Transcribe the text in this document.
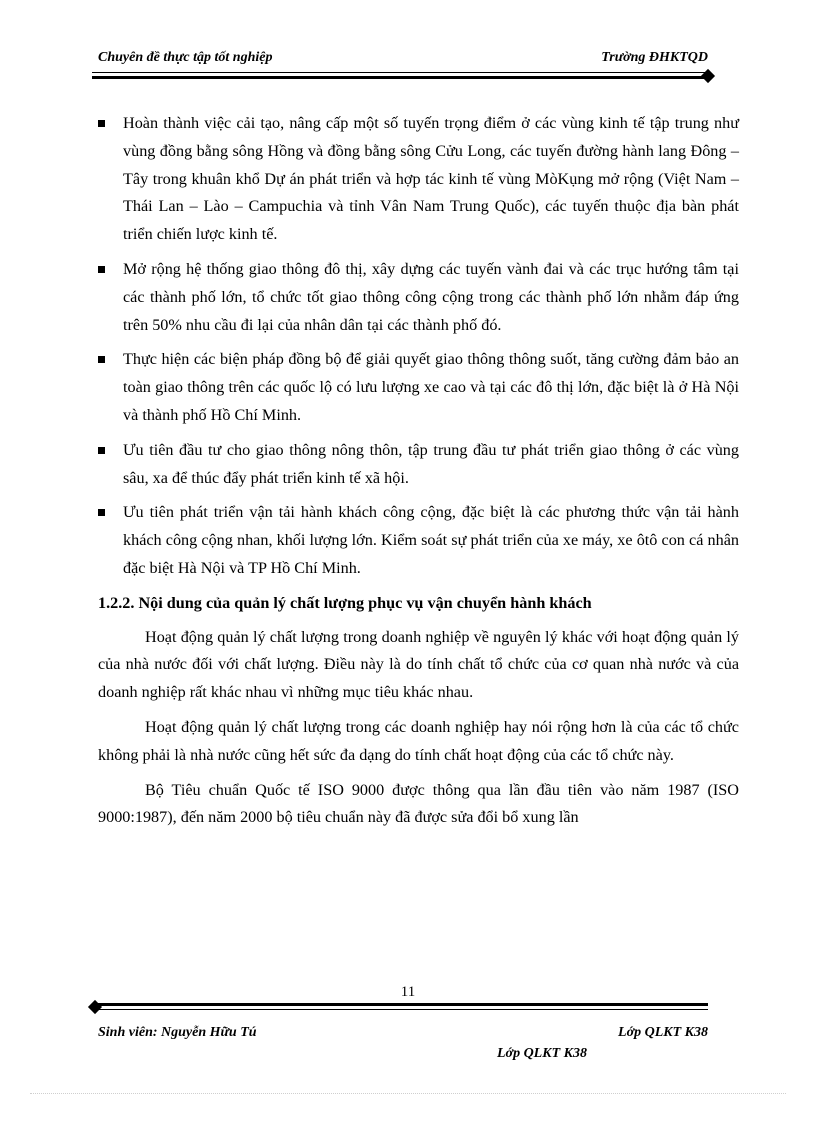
Chuyên đề thực tập tốt nghiệp	Trường ĐHKTQD
Hoàn thành việc cải tạo, nâng cấp một số tuyến trọng điểm ở các vùng kinh tế tập trung như vùng đồng bằng sông Hồng và đồng bằng sông Cửu Long, các tuyến đường hành lang Đông – Tây trong khuân khổ Dự án phát triển và hợp tác kinh tế vùng MòKụng mở rộng (Việt Nam – Thái Lan – Lào – Campuchia và tỉnh Vân Nam Trung Quốc), các tuyến thuộc địa bàn phát triển chiến lược kinh tế.
Mở rộng hệ thống giao thông đô thị, xây dựng các tuyến vành đai và các trục hướng tâm tại các thành phố lớn, tổ chức tốt giao thông công cộng trong các thành phố lớn nhằm đáp ứng trên 50% nhu cầu đi lại của nhân dân tại các thành phố đó.
Thực hiện các biện pháp đồng bộ để giải quyết giao thông thông suốt, tăng cường đảm bảo an toàn giao thông trên các quốc lộ có lưu lượng xe cao và tại các đô thị lớn, đặc biệt là ở Hà Nội và thành phố Hồ Chí Minh.
Ưu tiên đầu tư cho giao thông nông thôn, tập trung đầu tư phát triển giao thông ở các vùng sâu, xa để thúc đẩy phát triển kinh tế xã hội.
Ưu tiên phát triển vận tải hành khách công cộng, đặc biệt là các phương thức vận tải hành khách công cộng nhan, khối lượng lớn. Kiểm soát sự phát triển của xe máy, xe ôtô con cá nhân đặc biệt Hà Nội và TP Hồ Chí Minh.
1.2.2. Nội dung của quản lý chất lượng phục vụ vận chuyển hành khách

Hoạt động quản lý chất lượng trong doanh nghiệp về nguyên lý khác với hoạt động quản lý của nhà nước đối với chất lượng. Điều này là do tính chất tổ chức của cơ quan nhà nước và của doanh nghiệp rất khác nhau vì những mục tiêu khác nhau.

Hoạt động quản lý chất lượng trong các doanh nghiệp hay nói rộng hơn là của các tổ chức không phải là nhà nước cũng hết sức đa dạng do tính chất hoạt động của các tổ chức này.

Bộ Tiêu chuẩn Quốc tế ISO 9000 được thông qua lần đầu tiên vào năm 1987 (ISO 9000:1987), đến năm 2000 bộ tiêu chuẩn này đã được sửa đổi bổ xung lần

11
Sinh viên: Nguyễn Hữu Tú	Lớp QLKT K38
Lớp QLKT K38
